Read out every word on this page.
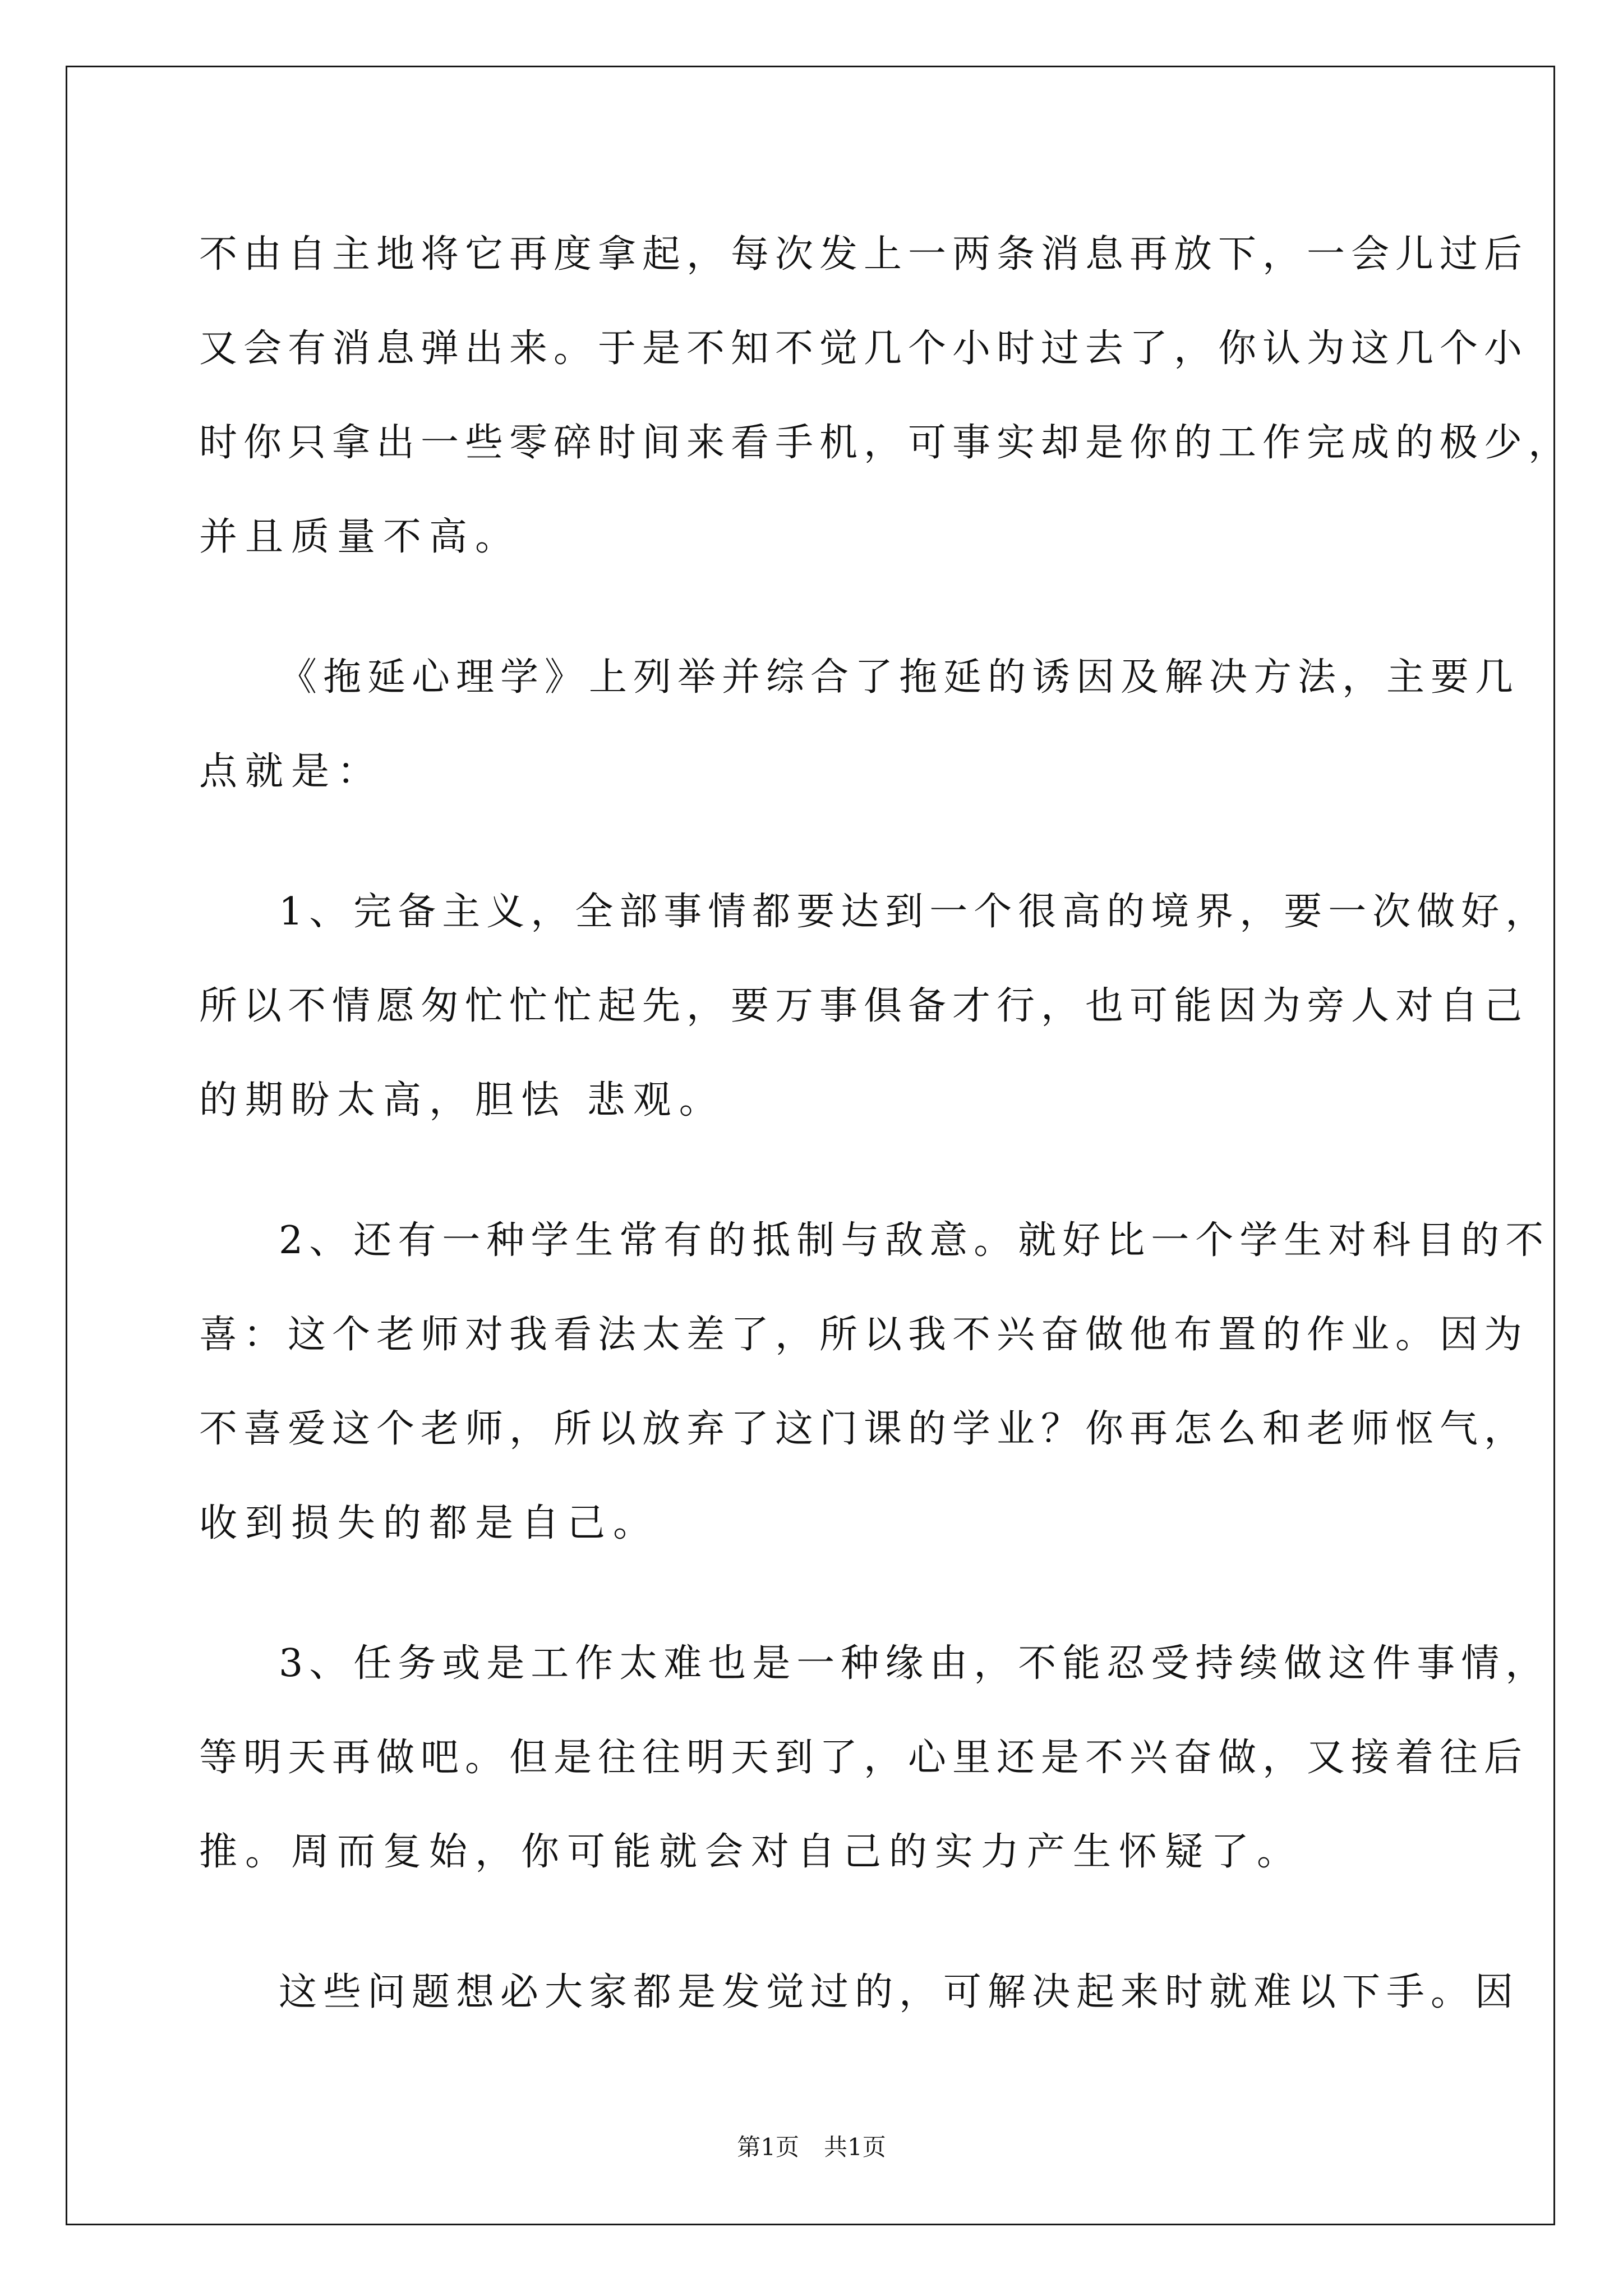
不由自主地将它再度拿起，每次发上一两条消息再放下，一会儿过后
又会有消息弹出来。于是不知不觉几个小时过去了，你认为这几个小
时你只拿出一些零碎时间来看手机，可事实却是你的工作完成的极少，
并且质量不高。
《拖延心理学》上列举并综合了拖延的诱因及解决方法，主要几
点就是：
1、完备主义，全部事情都要达到一个很高的境界，要一次做好，
所以不情愿匆忙忙忙起先，要万事俱备才行，也可能因为旁人对自己
的期盼太高，胆怯 悲观。
2、还有一种学生常有的抵制与敌意。就好比一个学生对科目的不
喜：这个老师对我看法太差了，所以我不兴奋做他布置的作业。因为
不喜爱这个老师，所以放弃了这门课的学业？你再怎么和老师怄气，
收到损失的都是自己。
3、任务或是工作太难也是一种缘由，不能忍受持续做这件事情，
等明天再做吧。但是往往明天到了，心里还是不兴奋做，又接着往后
推。周而复始，你可能就会对自己的实力产生怀疑了。
这些问题想必大家都是发觉过的，可解决起来时就难以下手。因
第1页 共1页
